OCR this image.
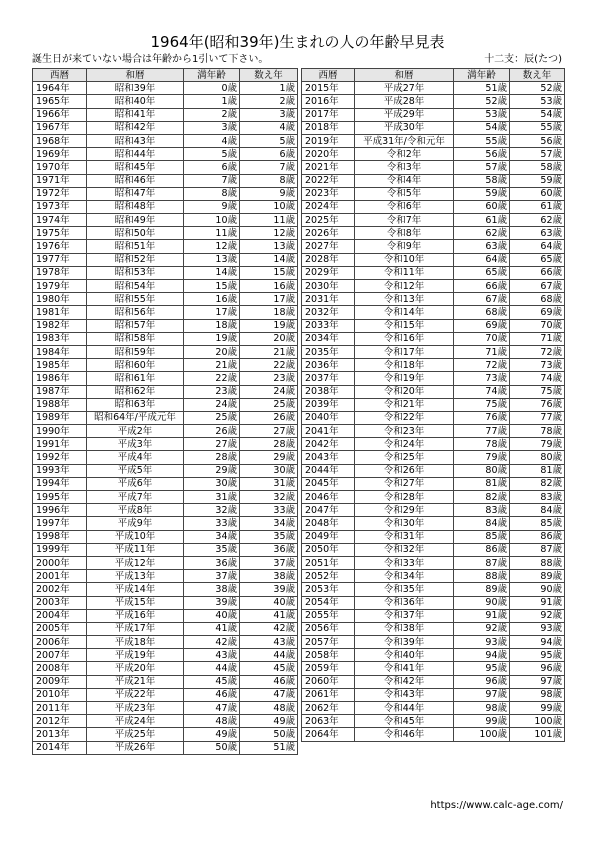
1964年(昭和39年)生まれの人の年齢早見表
誕生日が来ていない場合は年齢から1引いて下さい。	十二支：辰(たつ)
西暦	和暦	満年齢	数え年
1964年	昭和39年	0歳	1歳
1965年	昭和40年	1歳	2歳
1966年	昭和41年	2歳	3歳
1967年	昭和42年	3歳	4歳
1968年	昭和43年	4歳	5歳
1969年	昭和44年	5歳	6歳
1970年	昭和45年	6歳	7歳
1971年	昭和46年	7歳	8歳
1972年	昭和47年	8歳	9歳
1973年	昭和48年	9歳	10歳
1974年	昭和49年	10歳	11歳
1975年	昭和50年	11歳	12歳
1976年	昭和51年	12歳	13歳
1977年	昭和52年	13歳	14歳
1978年	昭和53年	14歳	15歳
1979年	昭和54年	15歳	16歳
1980年	昭和55年	16歳	17歳
1981年	昭和56年	17歳	18歳
1982年	昭和57年	18歳	19歳
1983年	昭和58年	19歳	20歳
1984年	昭和59年	20歳	21歳
1985年	昭和60年	21歳	22歳
1986年	昭和61年	22歳	23歳
1987年	昭和62年	23歳	24歳
1988年	昭和63年	24歳	25歳
1989年	昭和64年/平成元年	25歳	26歳
1990年	平成2年	26歳	27歳
1991年	平成3年	27歳	28歳
1992年	平成4年	28歳	29歳
1993年	平成5年	29歳	30歳
1994年	平成6年	30歳	31歳
1995年	平成7年	31歳	32歳
1996年	平成8年	32歳	33歳
1997年	平成9年	33歳	34歳
1998年	平成10年	34歳	35歳
1999年	平成11年	35歳	36歳
2000年	平成12年	36歳	37歳
2001年	平成13年	37歳	38歳
2002年	平成14年	38歳	39歳
2003年	平成15年	39歳	40歳
2004年	平成16年	40歳	41歳
2005年	平成17年	41歳	42歳
2006年	平成18年	42歳	43歳
2007年	平成19年	43歳	44歳
2008年	平成20年	44歳	45歳
2009年	平成21年	45歳	46歳
2010年	平成22年	46歳	47歳
2011年	平成23年	47歳	48歳
2012年	平成24年	48歳	49歳
2013年	平成25年	49歳	50歳
2014年	平成26年	50歳	51歳
西暦	和暦	満年齢	数え年
2015年	平成27年	51歳	52歳
2016年	平成28年	52歳	53歳
2017年	平成29年	53歳	54歳
2018年	平成30年	54歳	55歳
2019年	平成31年/令和元年	55歳	56歳
2020年	令和2年	56歳	57歳
2021年	令和3年	57歳	58歳
2022年	令和4年	58歳	59歳
2023年	令和5年	59歳	60歳
2024年	令和6年	60歳	61歳
2025年	令和7年	61歳	62歳
2026年	令和8年	62歳	63歳
2027年	令和9年	63歳	64歳
2028年	令和10年	64歳	65歳
2029年	令和11年	65歳	66歳
2030年	令和12年	66歳	67歳
2031年	令和13年	67歳	68歳
2032年	令和14年	68歳	69歳
2033年	令和15年	69歳	70歳
2034年	令和16年	70歳	71歳
2035年	令和17年	71歳	72歳
2036年	令和18年	72歳	73歳
2037年	令和19年	73歳	74歳
2038年	令和20年	74歳	75歳
2039年	令和21年	75歳	76歳
2040年	令和22年	76歳	77歳
2041年	令和23年	77歳	78歳
2042年	令和24年	78歳	79歳
2043年	令和25年	79歳	80歳
2044年	令和26年	80歳	81歳
2045年	令和27年	81歳	82歳
2046年	令和28年	82歳	83歳
2047年	令和29年	83歳	84歳
2048年	令和30年	84歳	85歳
2049年	令和31年	85歳	86歳
2050年	令和32年	86歳	87歳
2051年	令和33年	87歳	88歳
2052年	令和34年	88歳	89歳
2053年	令和35年	89歳	90歳
2054年	令和36年	90歳	91歳
2055年	令和37年	91歳	92歳
2056年	令和38年	92歳	93歳
2057年	令和39年	93歳	94歳
2058年	令和40年	94歳	95歳
2059年	令和41年	95歳	96歳
2060年	令和42年	96歳	97歳
2061年	令和43年	97歳	98歳
2062年	令和44年	98歳	99歳
2063年	令和45年	99歳	100歳
2064年	令和46年	100歳	101歳
https://www.calc-age.com/
